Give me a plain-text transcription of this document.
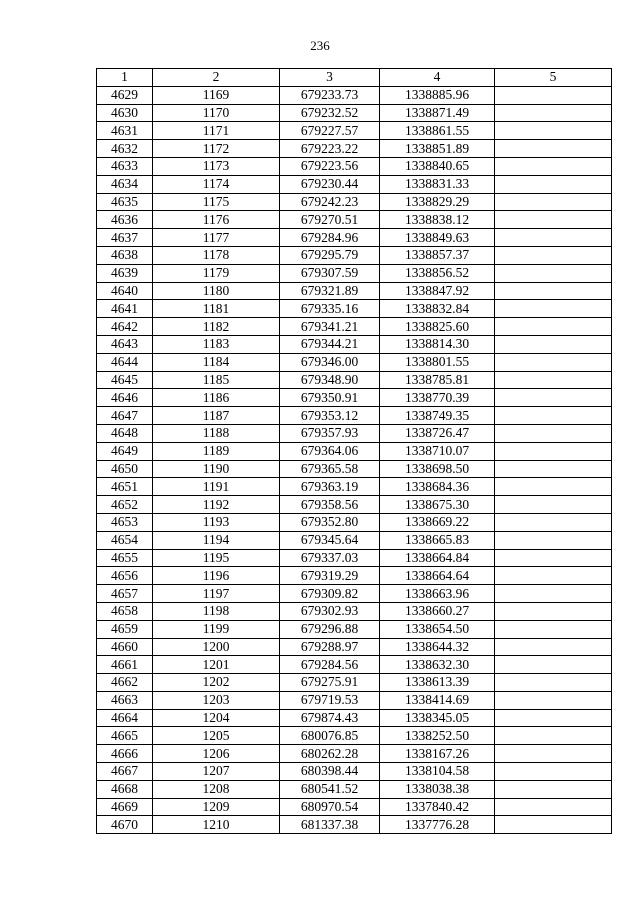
236
1	2	3	4	5
4629	1169	679233.73	1338885.96	
4630	1170	679232.52	1338871.49	
4631	1171	679227.57	1338861.55	
4632	1172	679223.22	1338851.89	
4633	1173	679223.56	1338840.65	
4634	1174	679230.44	1338831.33	
4635	1175	679242.23	1338829.29	
4636	1176	679270.51	1338838.12	
4637	1177	679284.96	1338849.63	
4638	1178	679295.79	1338857.37	
4639	1179	679307.59	1338856.52	
4640	1180	679321.89	1338847.92	
4641	1181	679335.16	1338832.84	
4642	1182	679341.21	1338825.60	
4643	1183	679344.21	1338814.30	
4644	1184	679346.00	1338801.55	
4645	1185	679348.90	1338785.81	
4646	1186	679350.91	1338770.39	
4647	1187	679353.12	1338749.35	
4648	1188	679357.93	1338726.47	
4649	1189	679364.06	1338710.07	
4650	1190	679365.58	1338698.50	
4651	1191	679363.19	1338684.36	
4652	1192	679358.56	1338675.30	
4653	1193	679352.80	1338669.22	
4654	1194	679345.64	1338665.83	
4655	1195	679337.03	1338664.84	
4656	1196	679319.29	1338664.64	
4657	1197	679309.82	1338663.96	
4658	1198	679302.93	1338660.27	
4659	1199	679296.88	1338654.50	
4660	1200	679288.97	1338644.32	
4661	1201	679284.56	1338632.30	
4662	1202	679275.91	1338613.39	
4663	1203	679719.53	1338414.69	
4664	1204	679874.43	1338345.05	
4665	1205	680076.85	1338252.50	
4666	1206	680262.28	1338167.26	
4667	1207	680398.44	1338104.58	
4668	1208	680541.52	1338038.38	
4669	1209	680970.54	1337840.42	
4670	1210	681337.38	1337776.28	
